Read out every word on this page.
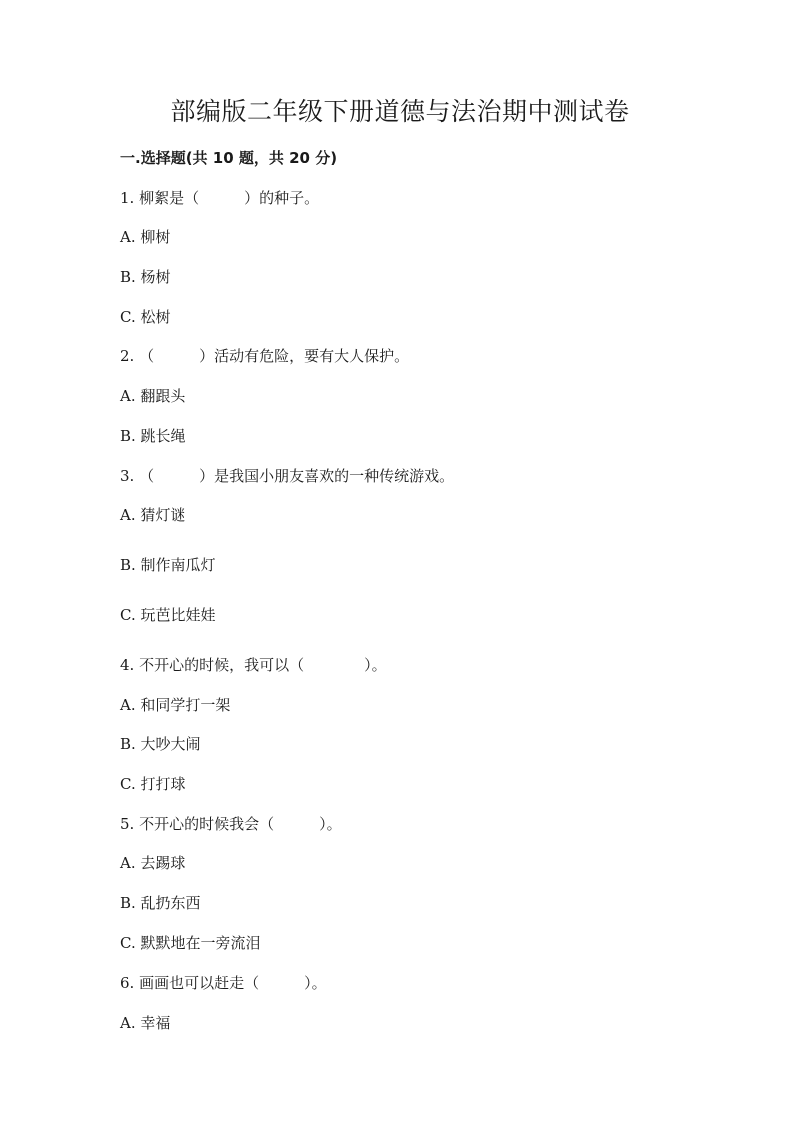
部编版二年级下册道德与法治期中测试卷
一.选择题(共 10 题，共 20 分)
1. 柳絮是（　　　）的种子。
A. 柳树
B. 杨树
C. 松树
2. （　　　）活动有危险，要有大人保护。
A. 翻跟头
B. 跳长绳
3. （　　　）是我国小朋友喜欢的一种传统游戏。
A. 猜灯谜
B. 制作南瓜灯
C. 玩芭比娃娃
4. 不开心的时候，我可以（　　　　）。
A. 和同学打一架
B. 大吵大闹
C. 打打球
5. 不开心的时候我会（　　　）。
A. 去踢球
B. 乱扔东西
C. 默默地在一旁流泪
6. 画画也可以赶走（　　　）。
A. 幸福
